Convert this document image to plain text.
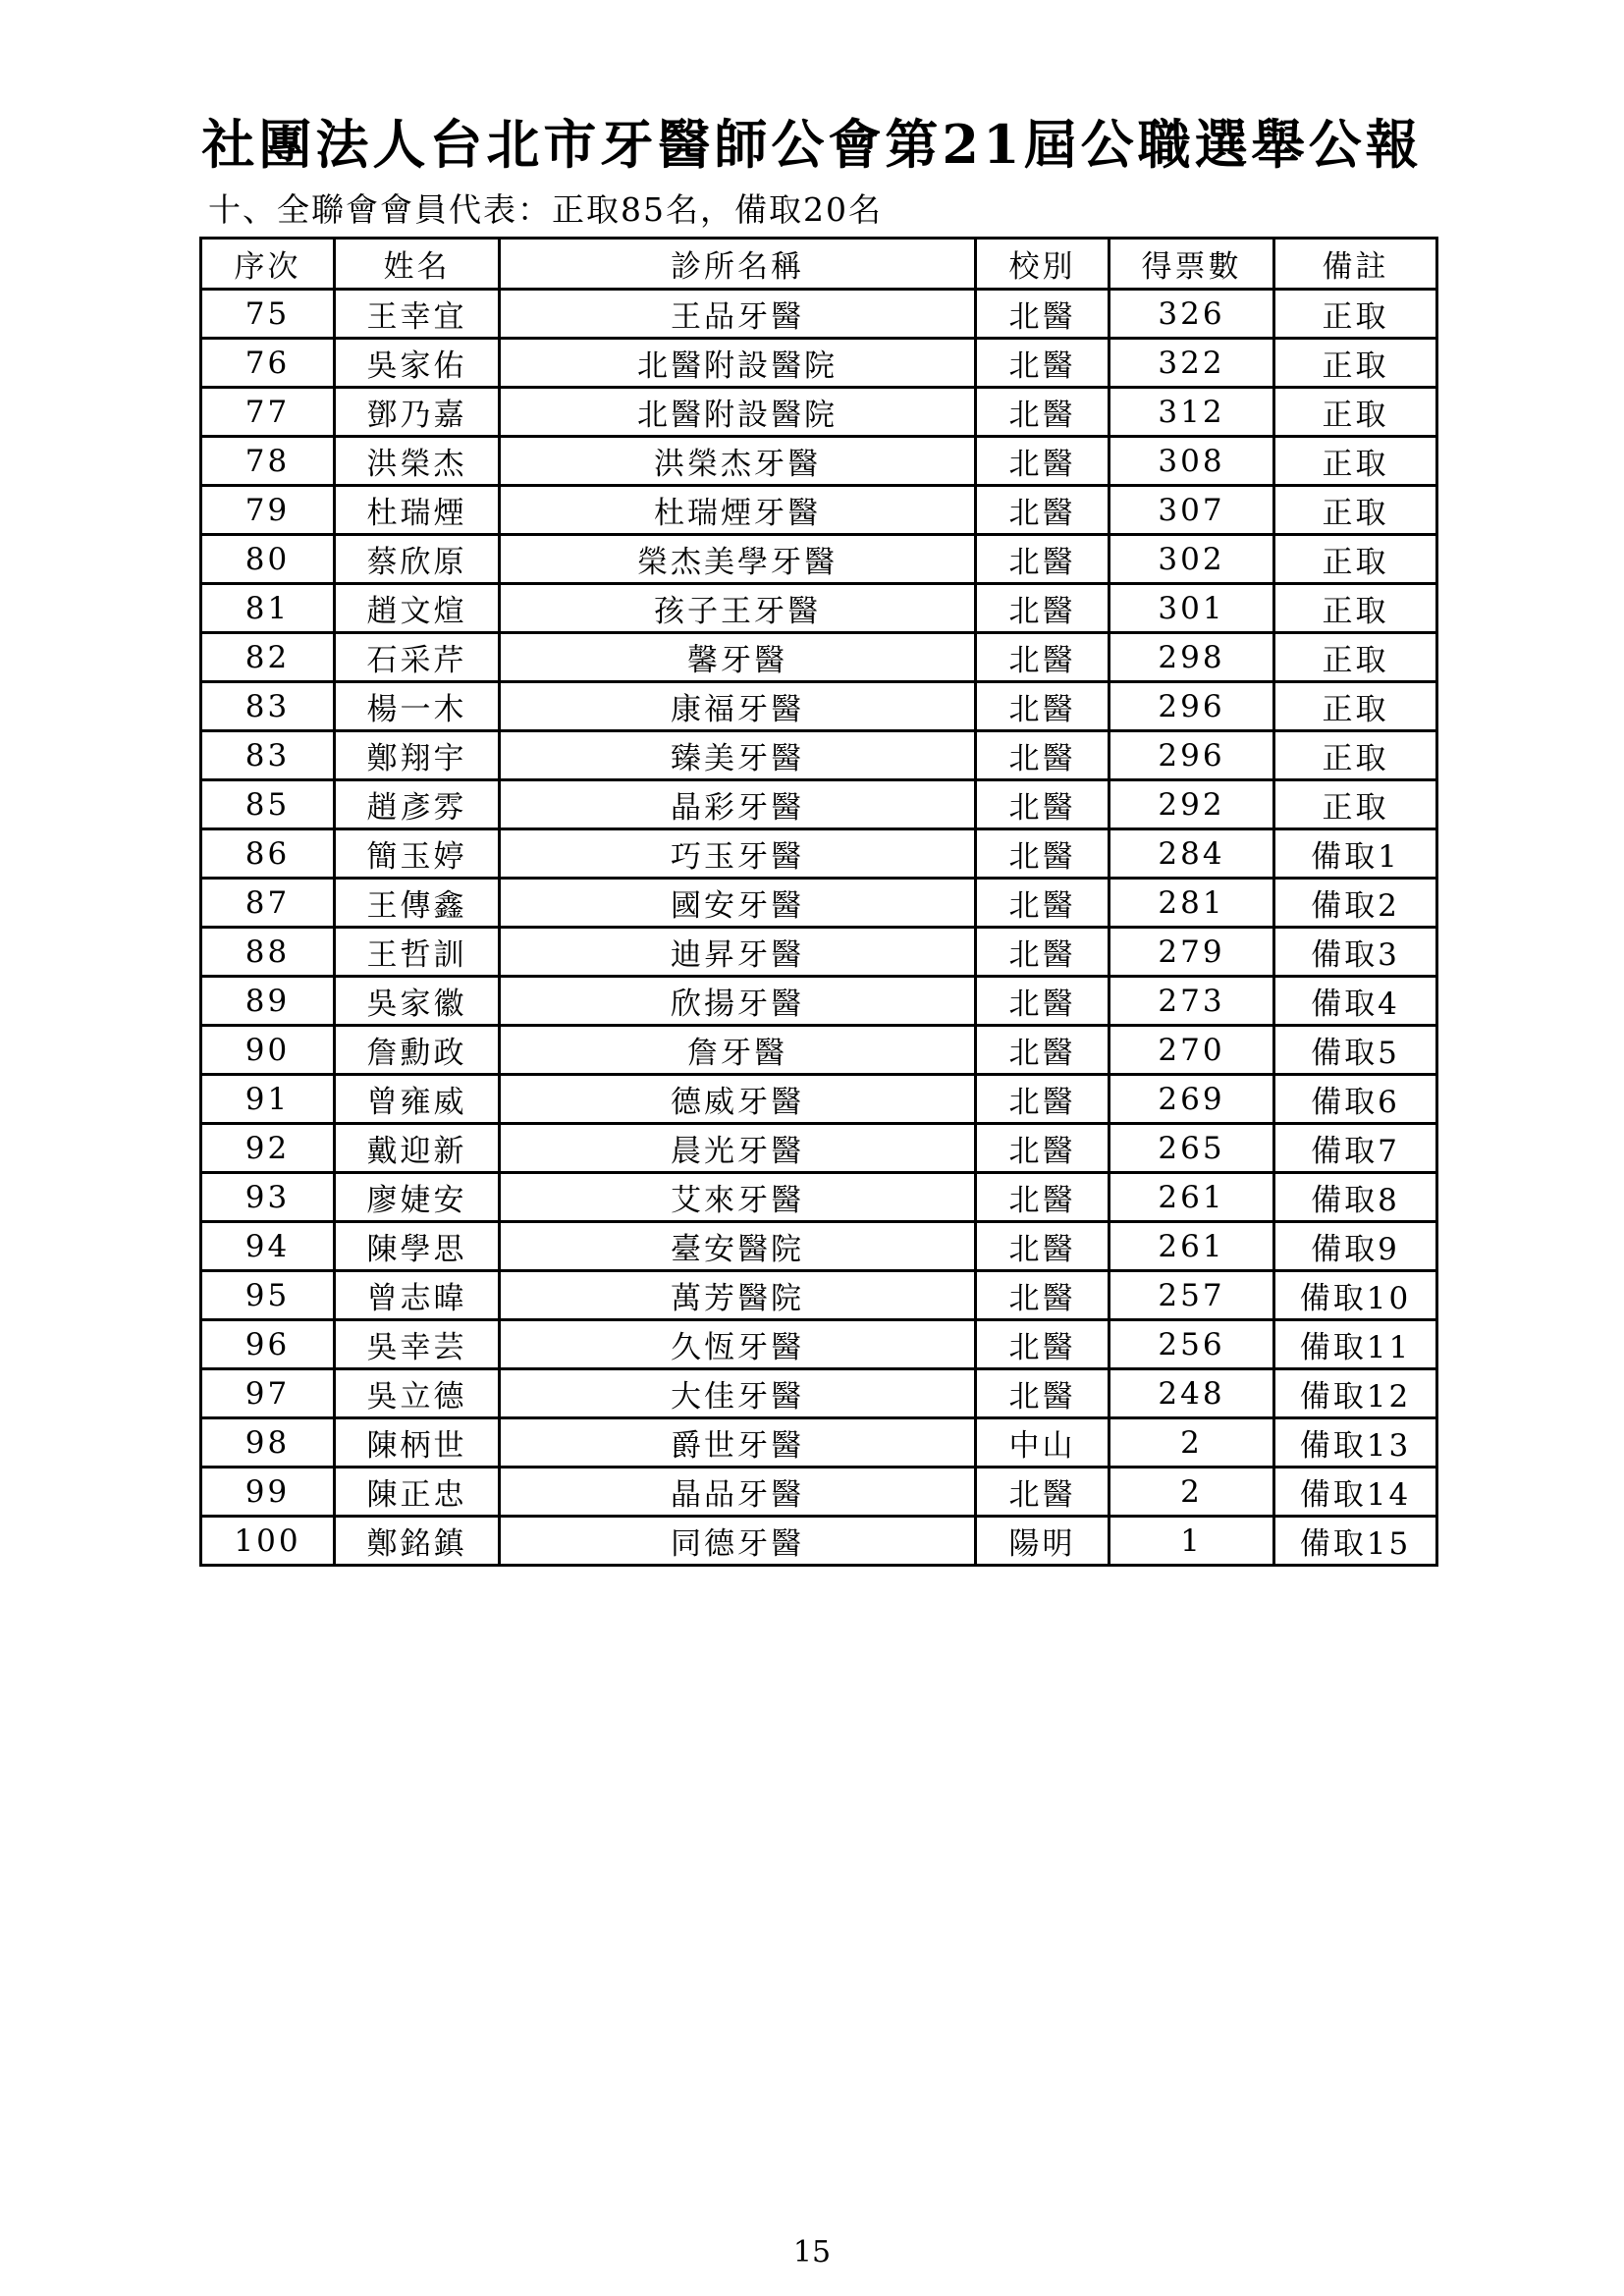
社團法人台北市牙醫師公會第21屆公職選舉公報
十、全聯會會員代表：正取85名，備取20名
序次	姓名	診所名稱	校別	得票數	備註
75	王幸宜	王品牙醫	北醫	326	正取
76	吳家佑	北醫附設醫院	北醫	322	正取
77	鄧乃嘉	北醫附設醫院	北醫	312	正取
78	洪榮杰	洪榮杰牙醫	北醫	308	正取
79	杜瑞煙	杜瑞煙牙醫	北醫	307	正取
80	蔡欣原	榮杰美學牙醫	北醫	302	正取
81	趙文煊	孩子王牙醫	北醫	301	正取
82	石采芹	馨牙醫	北醫	298	正取
83	楊一木	康福牙醫	北醫	296	正取
83	鄭翔宇	臻美牙醫	北醫	296	正取
85	趙彥雰	晶彩牙醫	北醫	292	正取
86	簡玉婷	巧玉牙醫	北醫	284	備取1
87	王傳鑫	國安牙醫	北醫	281	備取2
88	王哲訓	迪昇牙醫	北醫	279	備取3
89	吳家徽	欣揚牙醫	北醫	273	備取4
90	詹勳政	詹牙醫	北醫	270	備取5
91	曾雍威	德威牙醫	北醫	269	備取6
92	戴迎新	晨光牙醫	北醫	265	備取7
93	廖婕安	艾來牙醫	北醫	261	備取8
94	陳學思	臺安醫院	北醫	261	備取9
95	曾志暐	萬芳醫院	北醫	257	備取10
96	吳幸芸	久恆牙醫	北醫	256	備取11
97	吳立德	大佳牙醫	北醫	248	備取12
98	陳柄世	爵世牙醫	中山	2	備取13
99	陳正忠	晶品牙醫	北醫	2	備取14
100	鄭銘鎮	同德牙醫	陽明	1	備取15
15
